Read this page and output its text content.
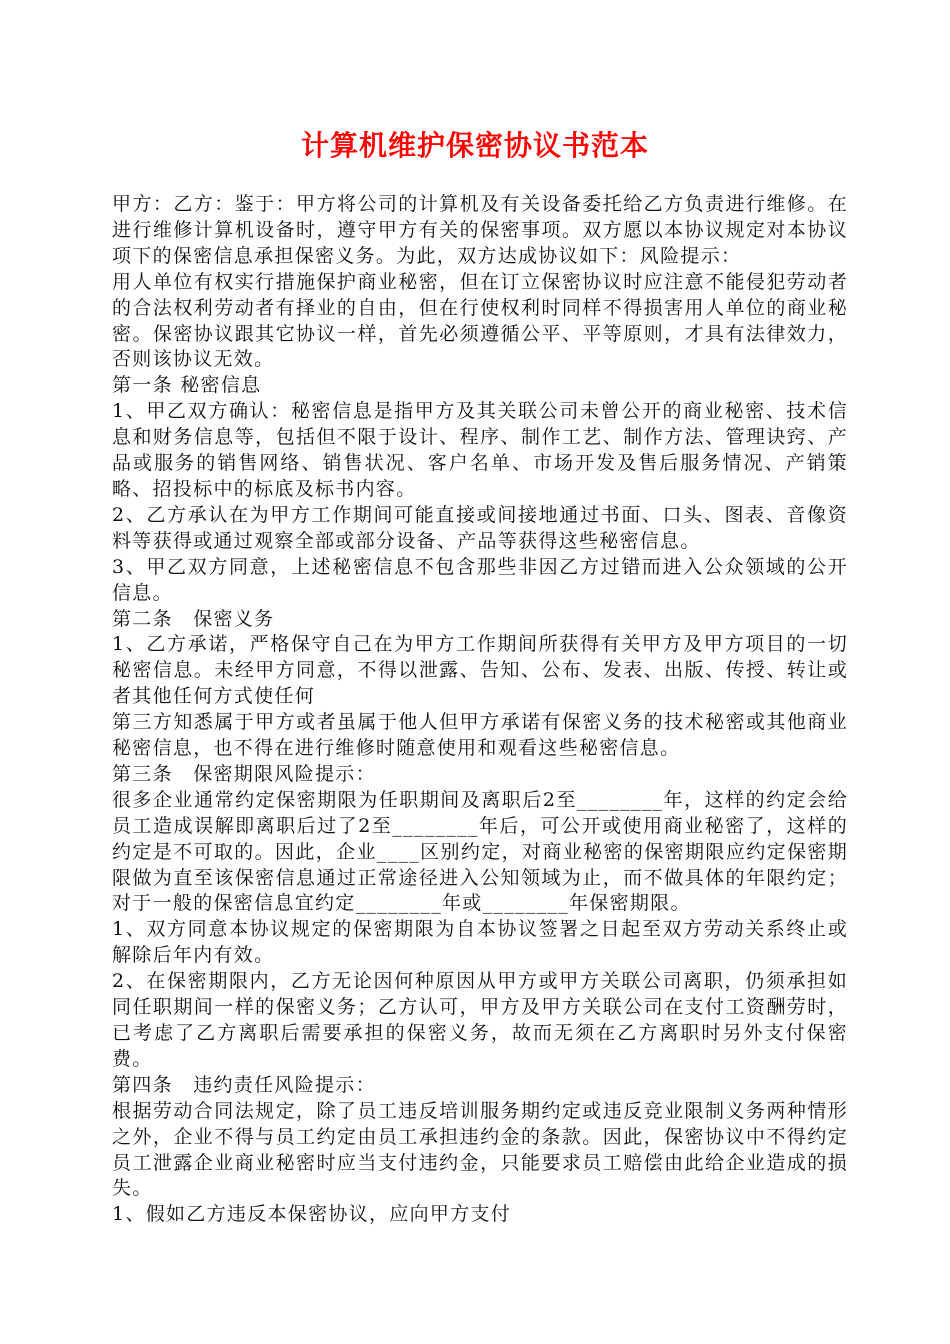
计算机维护保密协议书范本

甲方：乙方：鉴于：甲方将公司的计算机及有关设备委托给乙方负责进行维修。在进行维修计算机设备时，遵守甲方有关的保密事项。双方愿以本协议规定对本协议项下的保密信息承担保密义务。为此，双方达成协议如下：风险提示：

用人单位有权实行措施保护商业秘密，但在订立保密协议时应注意不能侵犯劳动者的合法权利劳动者有择业的自由，但在行使权利时同样不得损害用人单位的商业秘密。保密协议跟其它协议一样，首先必须遵循公平、平等原则，才具有法律效力，否则该协议无效。

第一条 秘密信息

1、甲乙双方确认：秘密信息是指甲方及其关联公司未曾公开的商业秘密、技术信息和财务信息等，包括但不限于设计、程序、制作工艺、制作方法、管理诀窍、产品或服务的销售网络、销售状况、客户名单、市场开发及售后服务情况、产销策略、招投标中的标底及标书内容。

2、乙方承认在为甲方工作期间可能直接或间接地通过书面、口头、图表、音像资料等获得或通过观察全部或部分设备、产品等获得这些秘密信息。

3、甲乙双方同意，上述秘密信息不包含那些非因乙方过错而进入公众领域的公开信息。

第二条　保密义务

1、乙方承诺，严格保守自己在为甲方工作期间所获得有关甲方及甲方项目的一切秘密信息。未经甲方同意，不得以泄露、告知、公布、发表、出版、传授、转让或者其他任何方式使任何

第三方知悉属于甲方或者虽属于他人但甲方承诺有保密义务的技术秘密或其他商业秘密信息，也不得在进行维修时随意使用和观看这些秘密信息。

第三条　保密期限风险提示：

很多企业通常约定保密期限为任职期间及离职后2至________年，这样的约定会给员工造成误解即离职后过了2至________年后，可公开或使用商业秘密了，这样的约定是不可取的。因此，企业____区别约定，对商业秘密的保密期限应约定保密期限做为直至该保密信息通过正常途径进入公知领域为止，而不做具体的年限约定；对于一般的保密信息宜约定________年或________年保密期限。

1、双方同意本协议规定的保密期限为自本协议签署之日起至双方劳动关系终止或解除后年内有效。

2、在保密期限内，乙方无论因何种原因从甲方或甲方关联公司离职，仍须承担如同任职期间一样的保密义务；乙方认可，甲方及甲方关联公司在支付工资酬劳时，已考虑了乙方离职后需要承担的保密义务，故而无须在乙方离职时另外支付保密费。

第四条　违约责任风险提示：

根据劳动合同法规定，除了员工违反培训服务期约定或违反竞业限制义务两种情形之外，企业不得与员工约定由员工承担违约金的条款。因此，保密协议中不得约定员工泄露企业商业秘密时应当支付违约金，只能要求员工赔偿由此给企业造成的损失。

1、假如乙方违反本保密协议，应向甲方支付
